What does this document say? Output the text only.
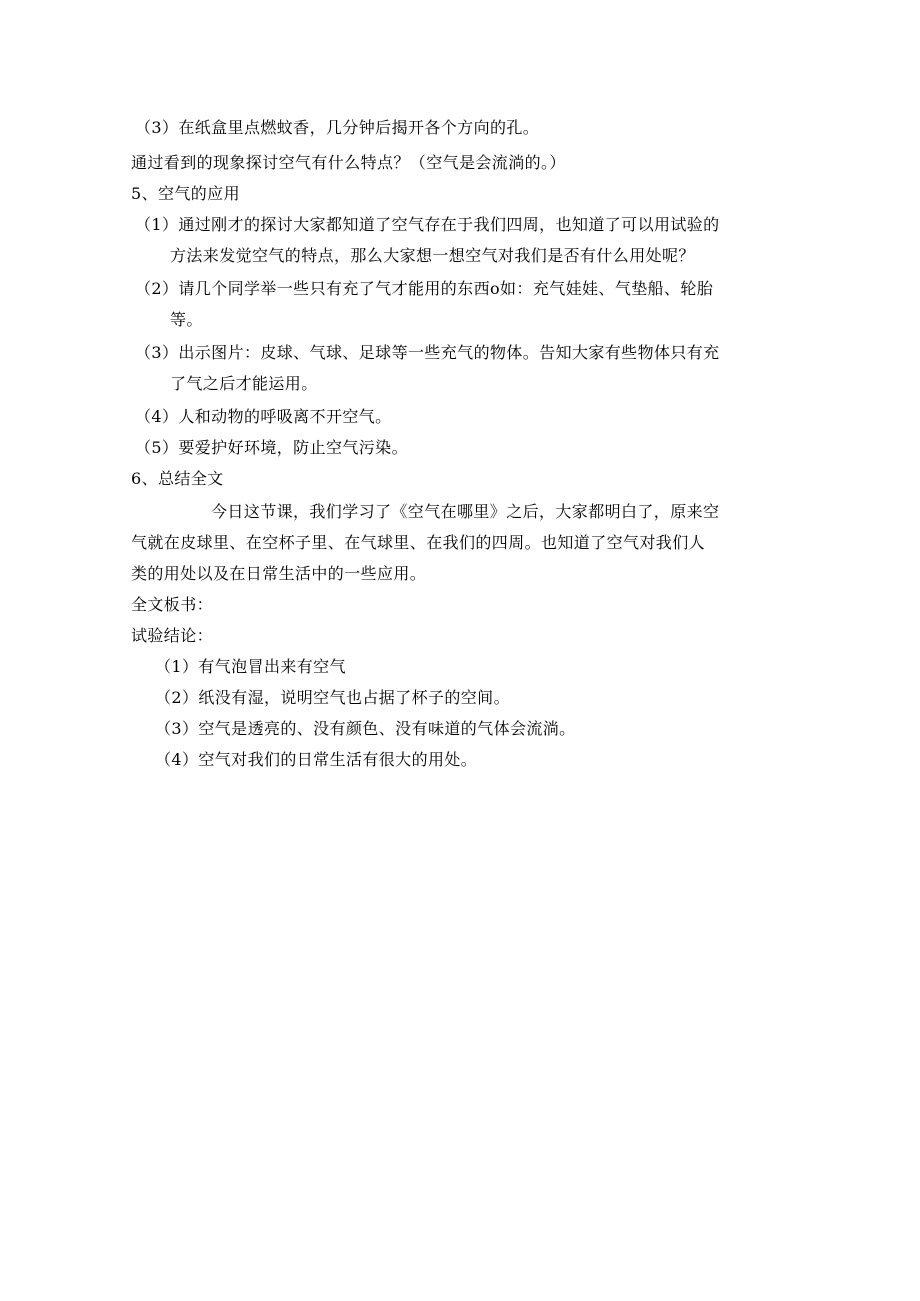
（3）在纸盒里点燃蚊香，几分钟后揭开各个方向的孔。
通过看到的现象探讨空气有什么特点？（空气是会流淌的。）
5、空气的应用
（1）通过刚才的探讨大家都知道了空气存在于我们四周，也知道了可以用试验的
方法来发觉空气的特点，那么大家想一想空气对我们是否有什么用处呢？
（2）请几个同学举一些只有充了气才能用的东西o如：充气娃娃、气垫船、轮胎
等。
（3）出示图片：皮球、气球、足球等一些充气的物体。告知大家有些物体只有充
了气之后才能运用。
（4）人和动物的呼吸离不开空气。
（5）要爱护好环境，防止空气污染。
6、总结全文
今日这节课，我们学习了《空气在哪里》之后，大家都明白了，原来空
气就在皮球里、在空杯子里、在气球里、在我们的四周。也知道了空气对我们人
类的用处以及在日常生活中的一些应用。
全文板书：
试验结论：
（1）有气泡冒出来有空气
（2）纸没有湿，说明空气也占据了杯子的空间。
（3）空气是透亮的、没有颜色、没有味道的气体会流淌。
（4）空气对我们的日常生活有很大的用处。
